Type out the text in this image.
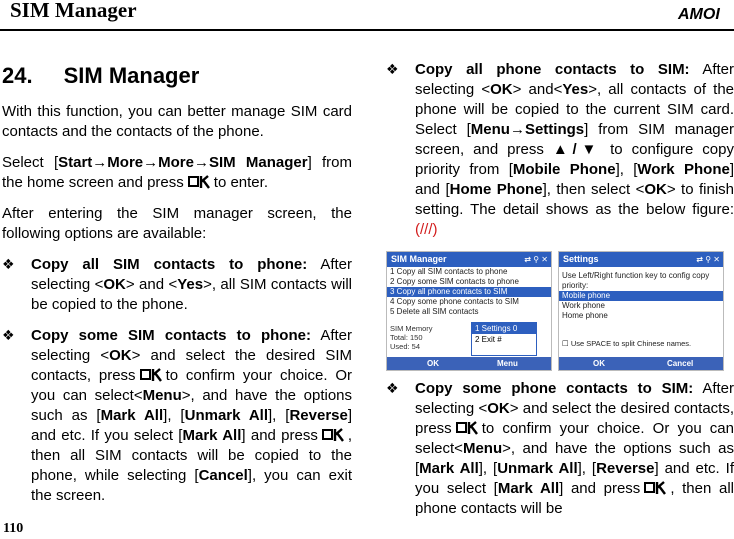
SIM Manager	AMOI
24. SIM Manager

With this function, you can better manage SIM card contacts and the contacts of the phone.

Select [Start→More→More→SIM Manager] from the home screen and press to enter.

After entering the SIM manager screen, the following options are available:

❖	Copy all SIM contacts to phone: After selecting <OK> and <Yes>, all SIM contacts will be copied to the phone.
❖	Copy some SIM contacts to phone: After selecting <OK> and select the desired SIM contacts, press to confirm your choice. Or you can select<Menu>, and have the options such as [Mark All], [Unmark All], [Reverse] and etc. If you select [Mark All] and press , then all SIM contacts will be copied to the phone, while selecting [Cancel], you can exit the screen.
❖	Copy all phone contacts to SIM: After selecting <OK> and<Yes>, all contacts of the phone will be copied to the current SIM card. Select [Menu→Settings] from SIM manager screen, and press ▲/▼ to configure copy priority from [Mobile Phone], [Work Phone] and [Home Phone], then select <OK> to finish setting. The detail shows as the below figure: (///)
SIM Manager	⇄ ⚲ ✕
1 Copy all SIM contacts to phone
2 Copy some SIM contacts to phone
3 Copy all phone contacts to SIM
4 Copy some phone contacts to SIM
5 Delete all SIM contacts
SIM Memory
Total: 150
Used: 54
1 Settings 0
2 Exit #
OK	Menu
Settings	⇄ ⚲ ✕
Use Left/Right function key to config copy
priority:
Mobile phone
Work phone
Home phone
☐ Use SPACE to split Chinese names.
OK	Cancel
❖	Copy some phone contacts to SIM: After selecting <OK> and select the desired contacts, press to confirm your choice. Or you can select<Menu>, and have the options such as [Mark All], [Unmark All], [Reverse] and etc. If you select [Mark All] and press , then all phone contacts will be
110
